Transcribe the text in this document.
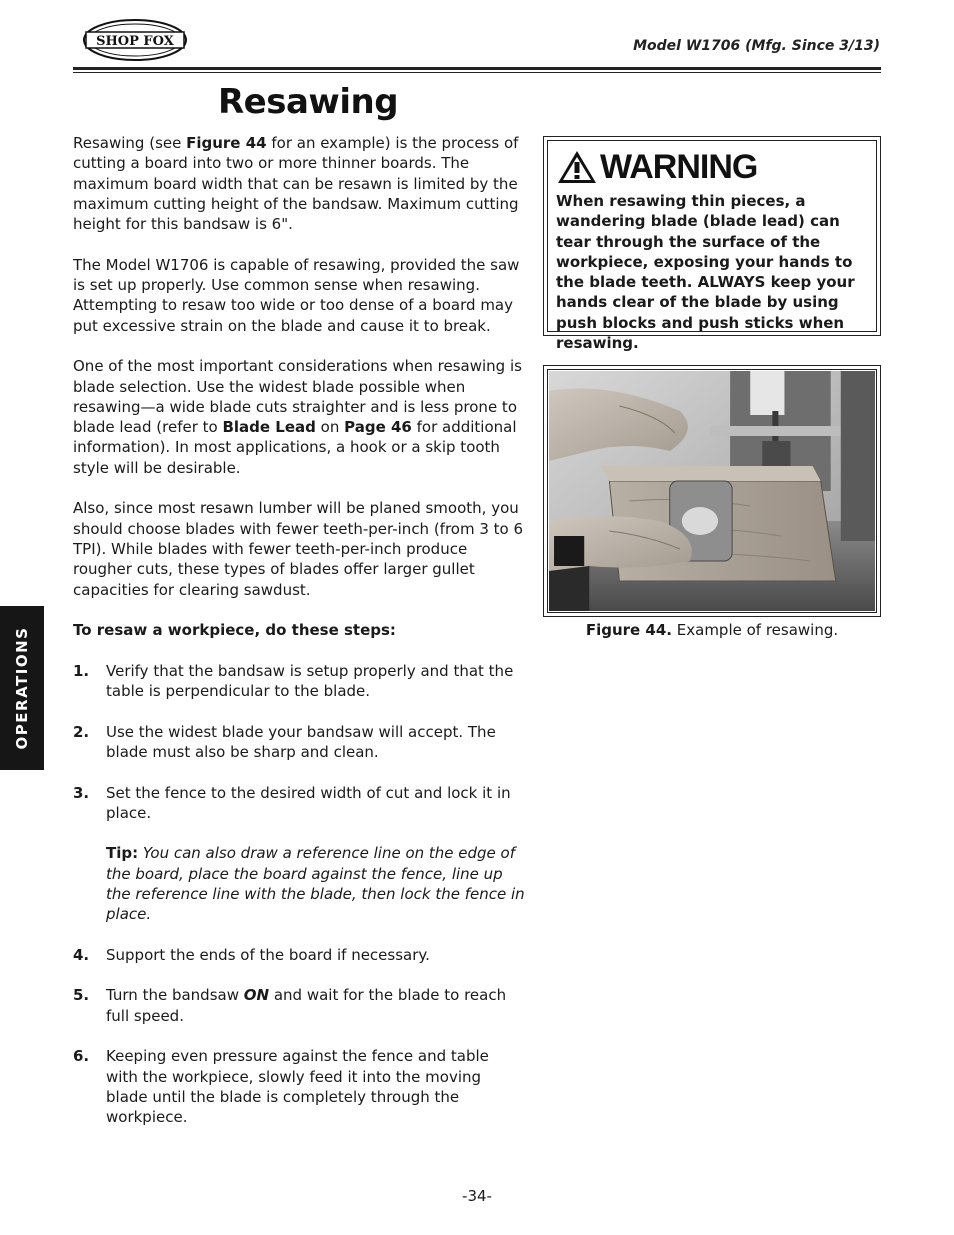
SHOP FOX	Model W1706 (Mfg. Since 3/13)
Resawing
OPERATIONS

Resawing (see Figure 44 for an example) is the process of cutting a board into two or more thinner boards. The maximum board width that can be resawn is limited by the maximum cutting height of the bandsaw. Maximum cutting height for this bandsaw is 6".

The Model W1706 is capable of resawing, provided the saw is set up properly. Use common sense when resawing. Attempting to resaw too wide or too dense of a board may put excessive strain on the blade and cause it to break.

One of the most important considerations when resawing is blade selection. Use the widest blade possible when resawing—a wide blade cuts straighter and is less prone to blade lead (refer to Blade Lead on Page 46 for additional information). In most applications, a hook or a skip tooth style will be desirable.

Also, since most resawn lumber will be planed smooth, you should choose blades with fewer teeth-per-inch (from 3 to 6 TPI). While blades with fewer teeth-per-inch produce rougher cuts, these types of blades offer larger gullet capacities for clearing sawdust.

To resaw a workpiece, do these steps:

1.	Verify that the bandsaw is setup properly and that the table is perpendicular to the blade.
2.	Use the widest blade your bandsaw will accept. The blade must also be sharp and clean.
3.	Set the fence to the desired width of cut and lock it in place.
Tip: You can also draw a reference line on the edge of the board, place the board against the fence, line up the reference line with the blade, then lock the fence in place.
4.	Support the ends of the board if necessary.
5.	Turn the bandsaw ON and wait for the blade to reach full speed.
6.	Keeping even pressure against the fence and table with the workpiece, slowly feed it into the moving blade until the blade is completely through the workpiece.
WARNING
When resawing thin pieces, a wandering blade (blade lead) can tear through the surface of the workpiece, exposing your hands to the blade teeth. ALWAYS keep your hands clear of the blade by using push blocks and push sticks when resawing.
Figure 44. Example of resawing.
-34-
